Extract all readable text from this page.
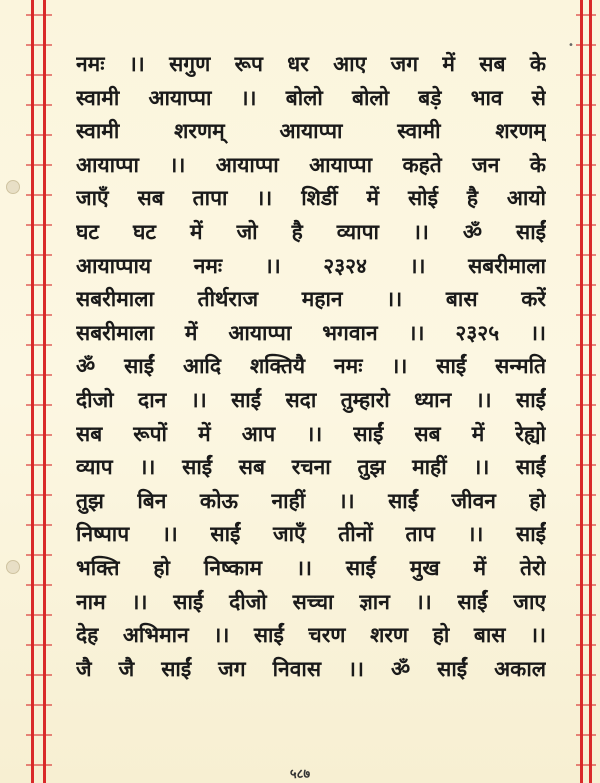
•
नमः ।। सगुण रूप धर आए जग में सब के
स्वामी आयाप्पा ।। बोलो बोलो बड़े भाव से
स्वामी शरणम् आयाप्पा स्वामी शरणम्
आयाप्पा ।। आयाप्पा आयाप्पा कहते जन के
जाएँ सब तापा ।। शिर्डी में सोई है आयो
घट घट में जो है व्यापा ।। ॐ साईं
आयाप्पाय नमः ।। २३२४ ।। सबरीमाला
सबरीमाला तीर्थराज महान ।। बास करें
सबरीमाला में आयाप्पा भगवान ।। २३२५ ।।
ॐ साईं आदि शक्तियै नमः ।। साईं सन्मति
दीजो दान ।। साईं सदा तुम्हारो ध्यान ।। साईं
सब रूपों में आप ।। साईं सब में रेह्यो
व्याप ।। साईं सब रचना तुझ माहीं ।। साईं
तुझ बिन कोऊ नाहीं ।। साईं जीवन हो
निष्पाप ।। साईं जाएँ तीनों ताप ।। साईं
भक्ति हो निष्काम ।। साईं मुख में तेरो
नाम ।। साईं दीजो सच्चा ज्ञान ।। साईं जाए
देह अभिमान ।। साईं चरण शरण हो बास ।।
जै जै साईं जग निवास ।। ॐ साईं अकाल
५८७
